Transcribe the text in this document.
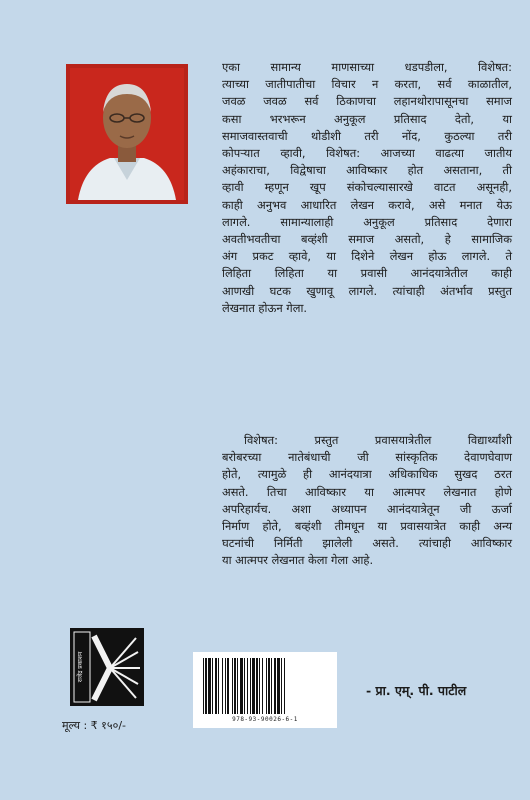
एका सामान्य माणसाच्या धडपडीला, विशेषत:
त्याच्या जातीपातीचा विचार न करता, सर्व काळातील,
जवळ जवळ सर्व ठिकाणचा लहानथोरापासूनचा समाज
कसा भरभरून अनुकूल प्रतिसाद देतो, या
समाजवास्तवाची थोडीशी तरी नोंद, कुठल्या तरी
कोपऱ्यात व्हावी, विशेषत: आजच्या वाढत्या जातीय
अहंकाराचा, विद्वेषाचा आविष्कार होत असताना, ती
व्हावी म्हणून खूप संकोचल्यासारखे वाटत असूनही,
काही अनुभव आधारित लेखन करावे, असे मनात येऊ
लागले. सामान्यालाही अनुकूल प्रतिसाद देणारा
अवतीभवतीचा बव्हंशी समाज असतो, हे सामाजिक
अंग प्रकट व्हावे, या दिशेने लेखन होऊ लागले. ते
लिहिता लिहिता या प्रवासी आनंदयात्रेतील काही
आणखी घटक खुणावू लागले. त्यांचाही अंतर्भाव प्रस्तुत
लेखनात होऊन गेला.
विशेषत: प्रस्तुत प्रवासयात्रेतील विद्यार्थ्यांशी
बरोबरच्या नातेबंधाची जी सांस्कृतिक देवाणघेवाण
होते, त्यामुळे ही आनंदयात्रा अधिकाधिक सुखद ठरत
असते. तिचा आविष्कार या आत्मपर लेखनात होणे
अपरिहार्यच. अशा अध्यापन आनंदयात्रेतून जी ऊर्जा
निर्माण होते, बव्हंशी तीमधून या प्रवासयात्रेत काही अन्य
घटनांची निर्मिती झालेली असते. त्यांचाही आविष्कार
या आत्मपर लेखनात केला गेला आहे.
राजेंद्र प्रकाशन
मूल्य : ₹ १५०/-	978-93-90026-6-1
- प्रा. एम्. पी. पाटील
